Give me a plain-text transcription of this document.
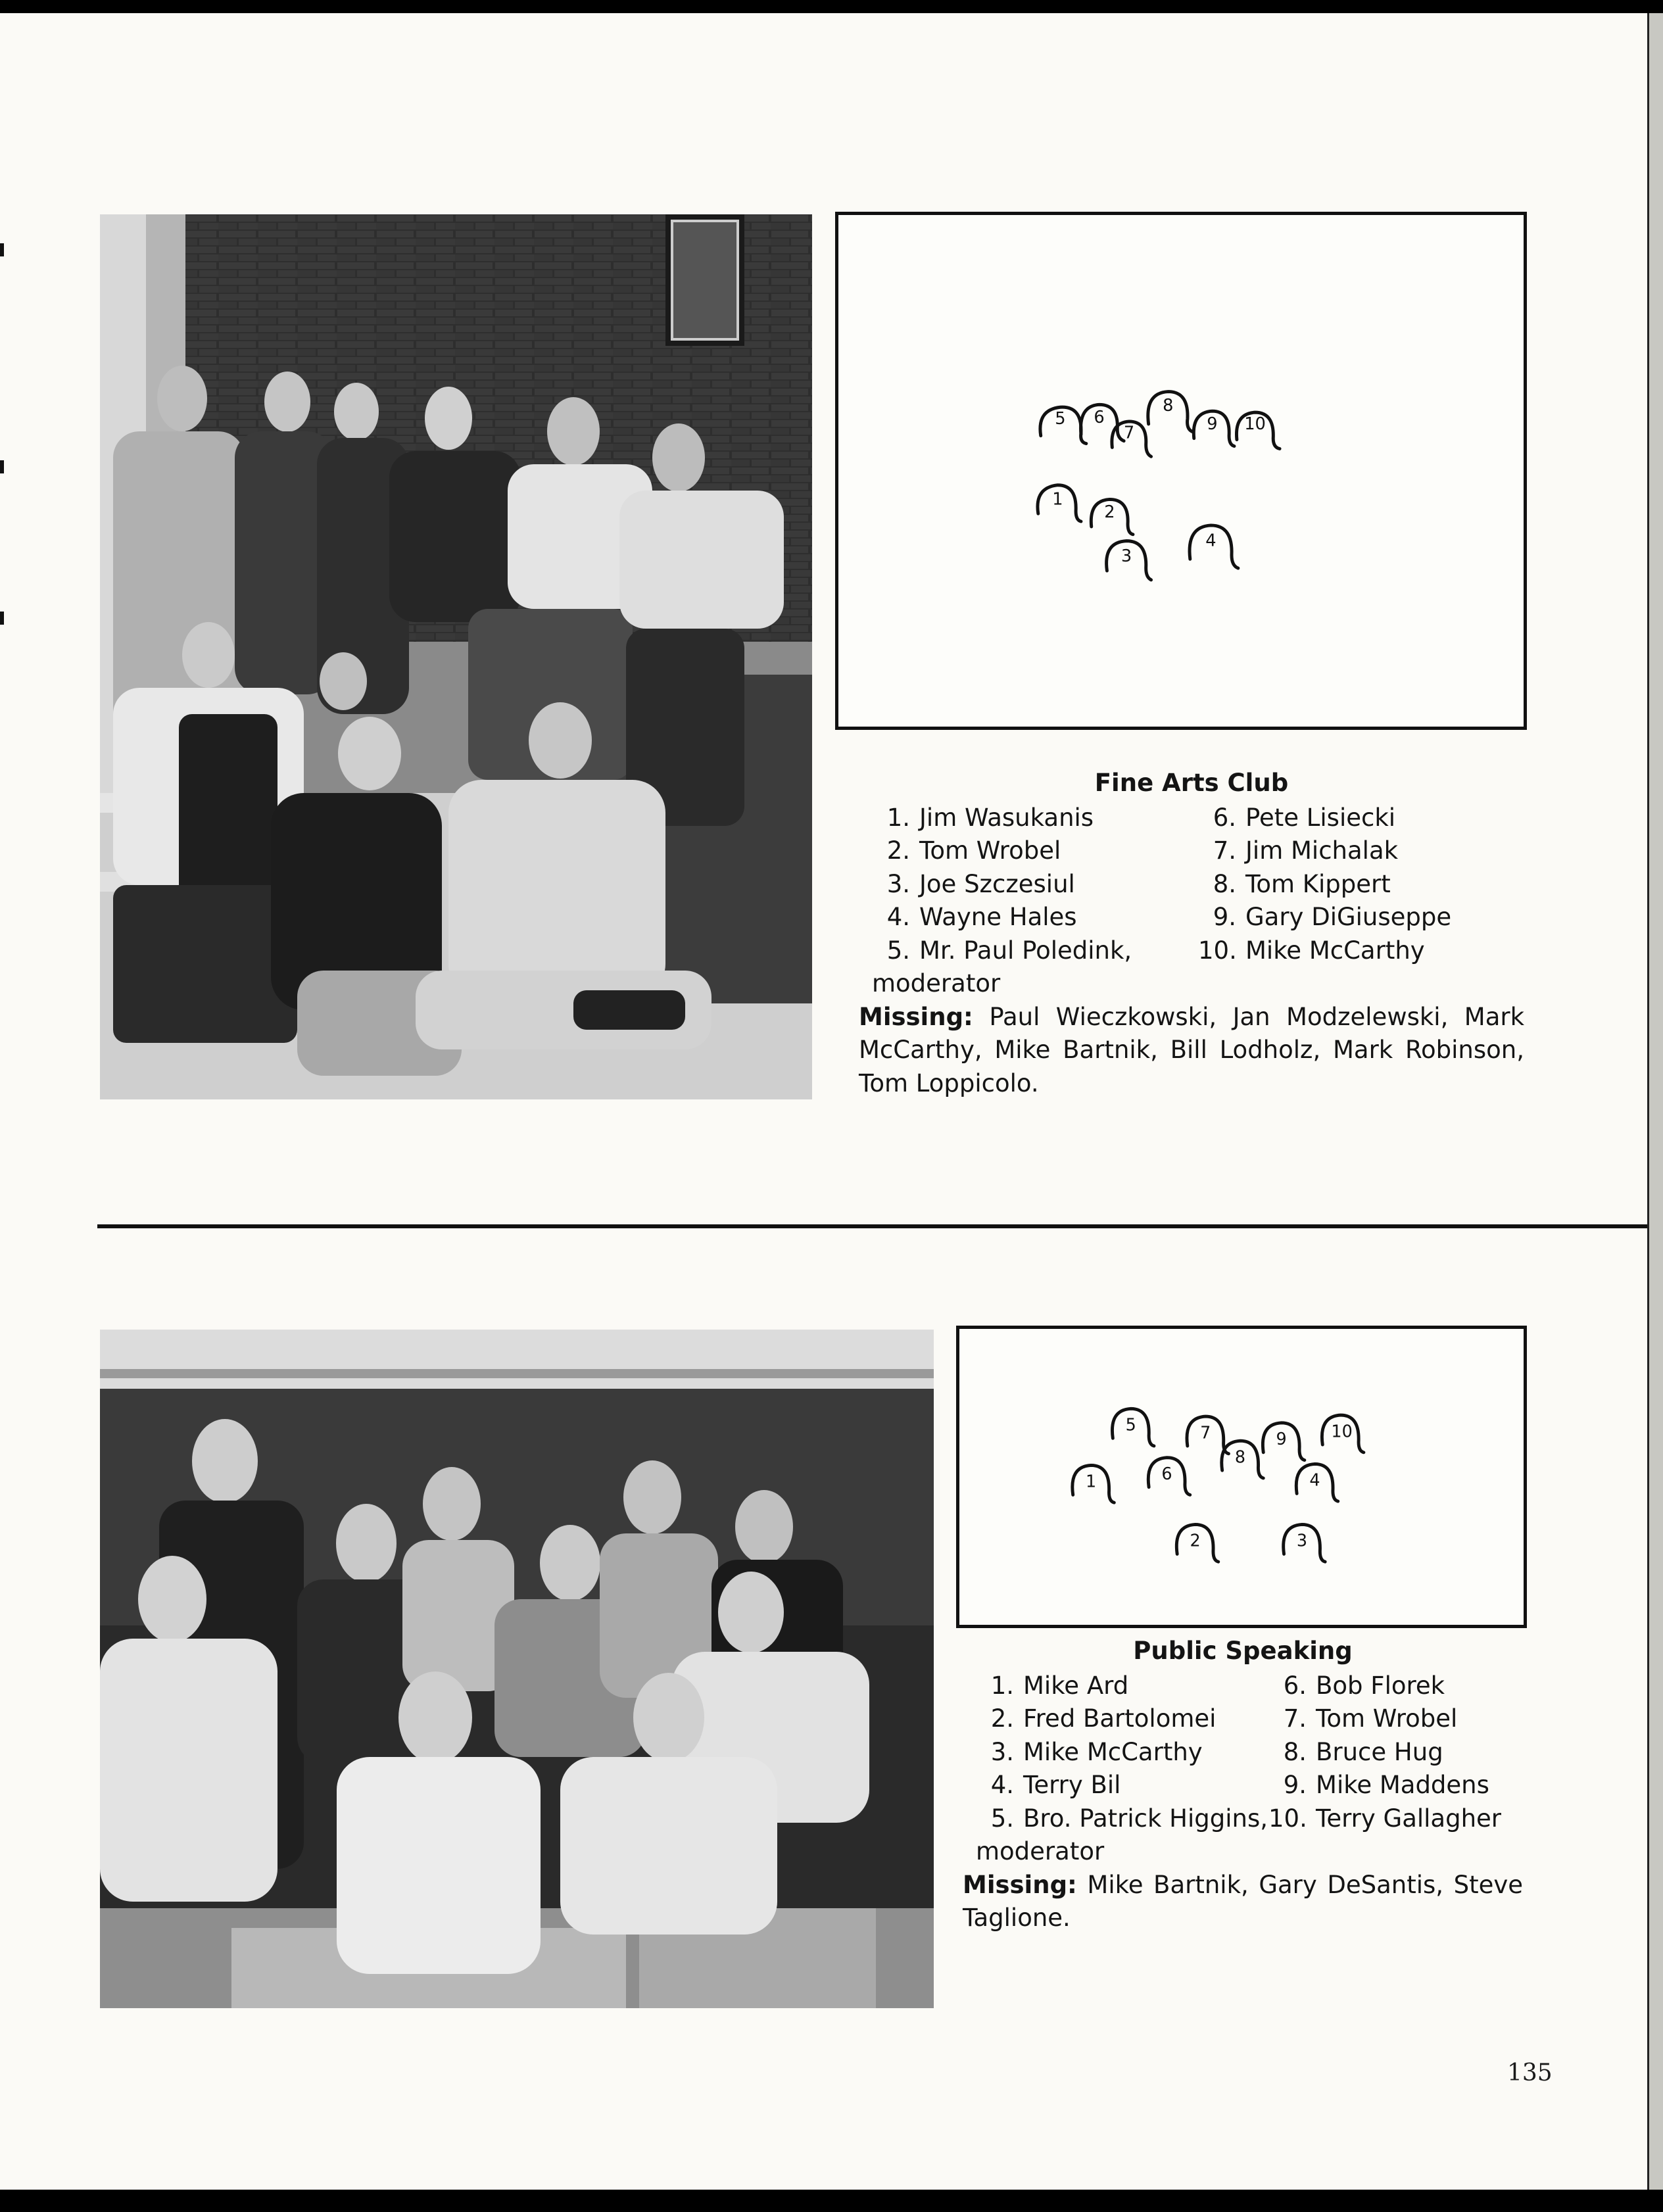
5 6
7
8
9 10
1
2
3
4
Fine Arts Club
1. Jim Wasukanis
2. Tom Wrobel
3. Joe Szczesiul
4. Wayne Hales
5. Mr. Paul Poledink,
moderator
6. Pete Lisiecki
7. Jim Michalak
8. Tom Kippert
9. Gary DiGiuseppe
10. Mike McCarthy
Missing: Paul Wieczkowski, Jan Modzelewski, Mark McCarthy, Mike Bartnik, Bill Lodholz, Mark Robinson, Tom Loppicolo.
1
5
6
7
8
9	10
4
2	3
Public Speaking
1. Mike Ard
2. Fred Bartolomei
3. Mike McCarthy
4. Terry Bil
5. Bro. Patrick Higgins,
moderator
6. Bob Florek
7. Tom Wrobel
8. Bruce Hug
9. Mike Maddens
10. Terry Gallagher
Missing: Mike Bartnik, Gary DeSantis, Steve Taglione.
135
